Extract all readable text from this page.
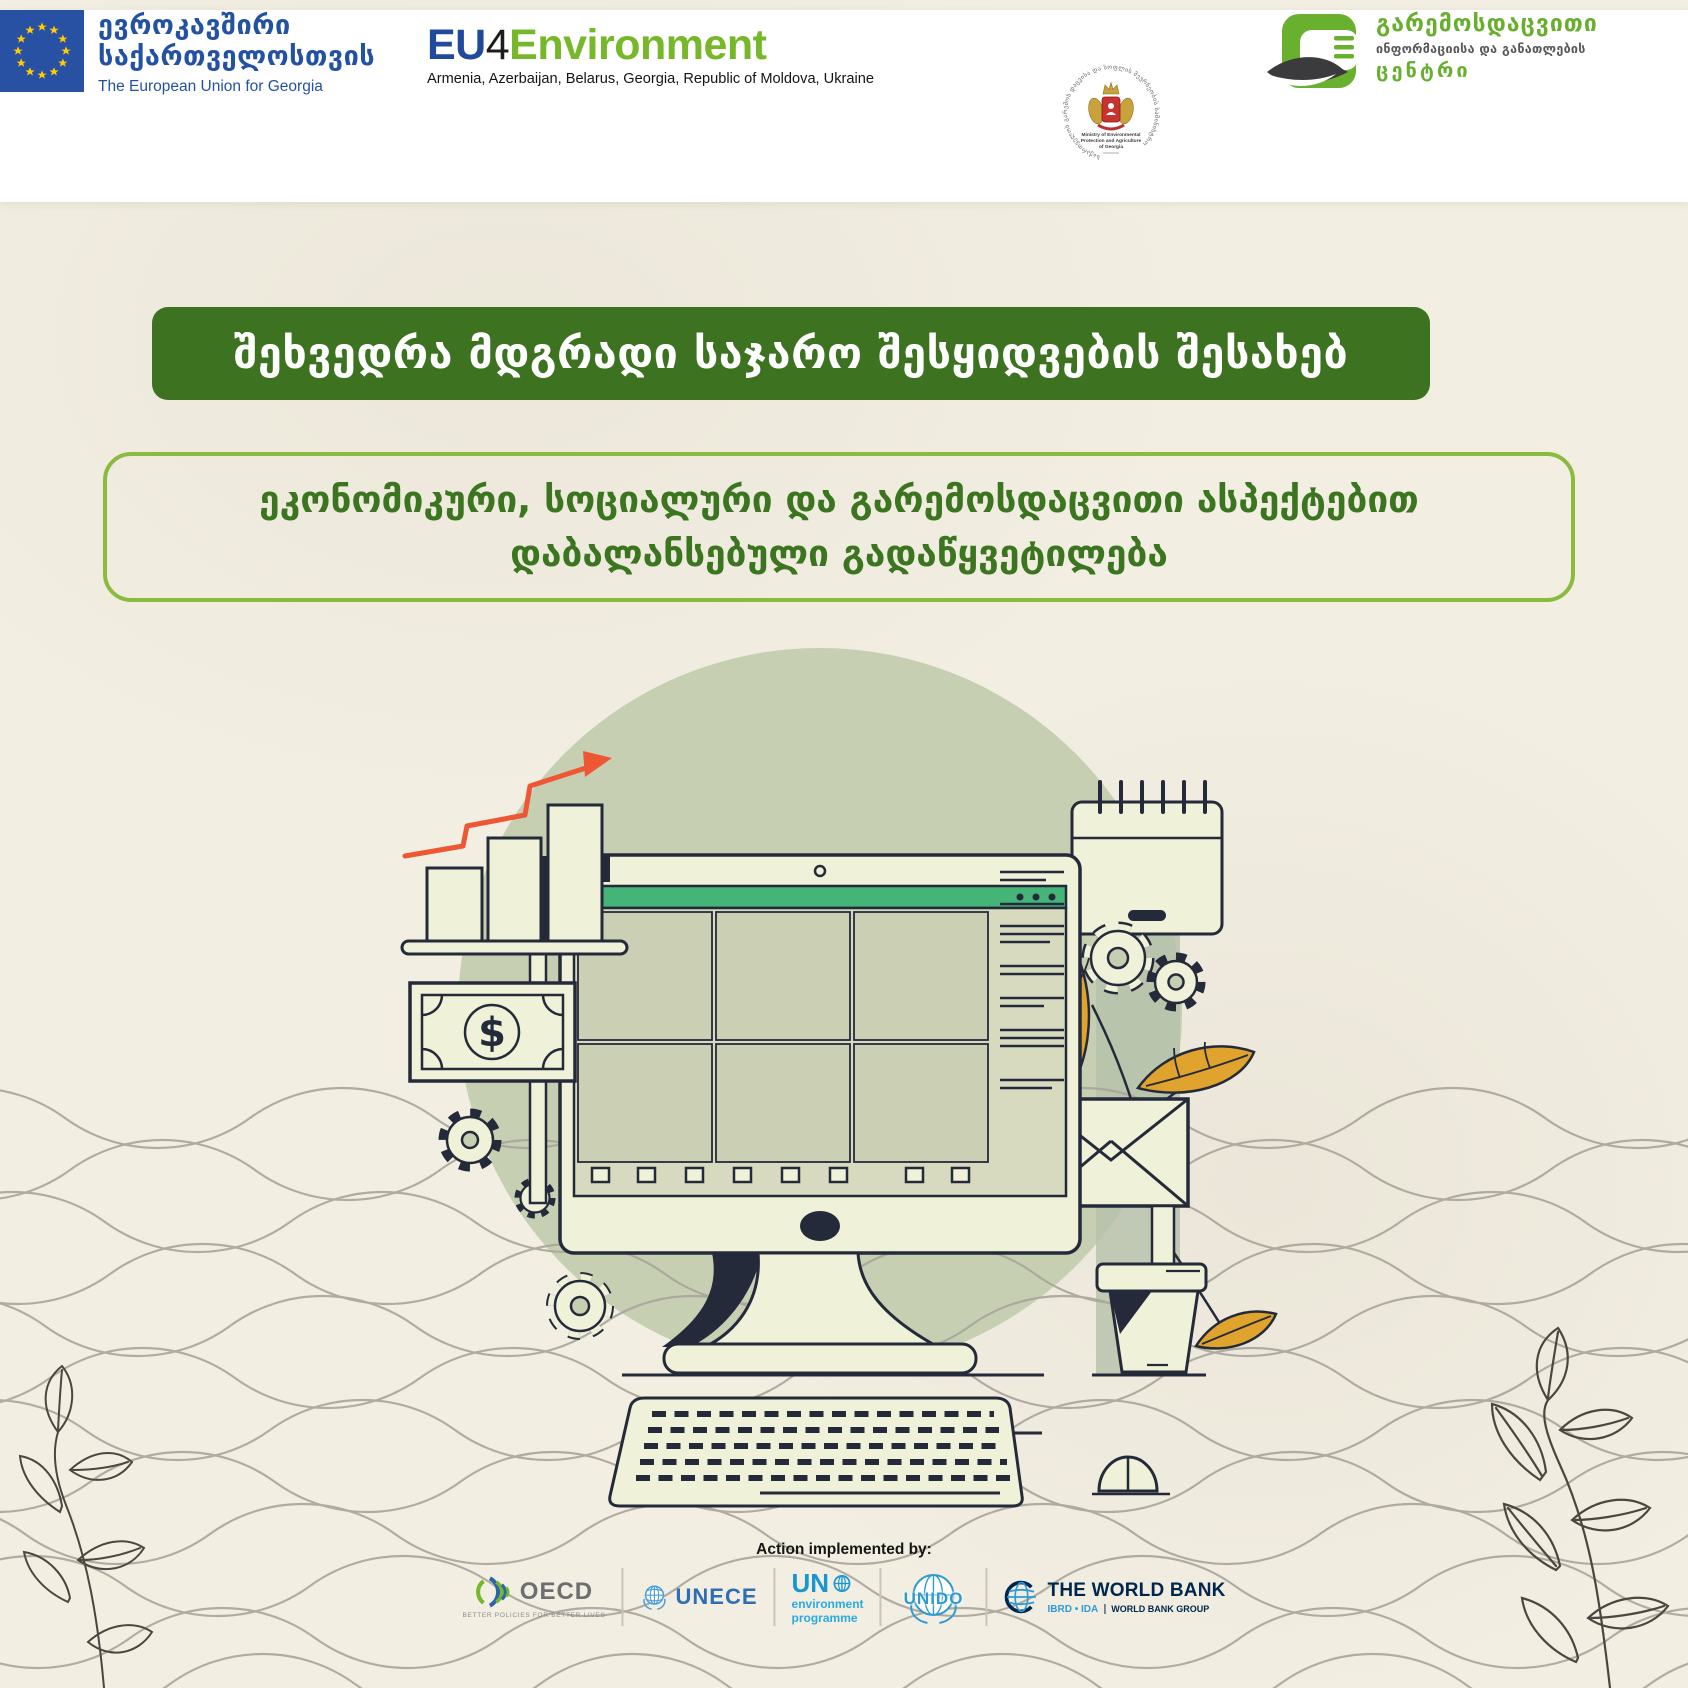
$
ევროკავშირი
საქართველოსთვის
The European Union for Georgia
EU4Environment
Armenia, Azerbaijan, Belarus, Georgia, Republic of Moldova, Ukraine
საქართველოს გარემოს დაცვისა და სოფლის მეურნეობის სამინისტრო
Ministry of Environmental
Protection and Agriculture
of Georgia
გარემოსდაცვითი
ინფორმაციისა და განათლების
ცენტრი
შეხვედრა მდგრადი საჯარო შესყიდვების შესახებ
ეკონომიკური, სოციალური და გარემოსდაცვითი ასპექტებით
დაბალანსებული გადაწყვეტილება
Action implemented by:
OECD
BETTER POLICIES FOR BETTER LIVES
UNECE UN
environment
programme
UNIDO	THE WORLD BANK
IBRD • IDA	WORLD BANK GROUP
